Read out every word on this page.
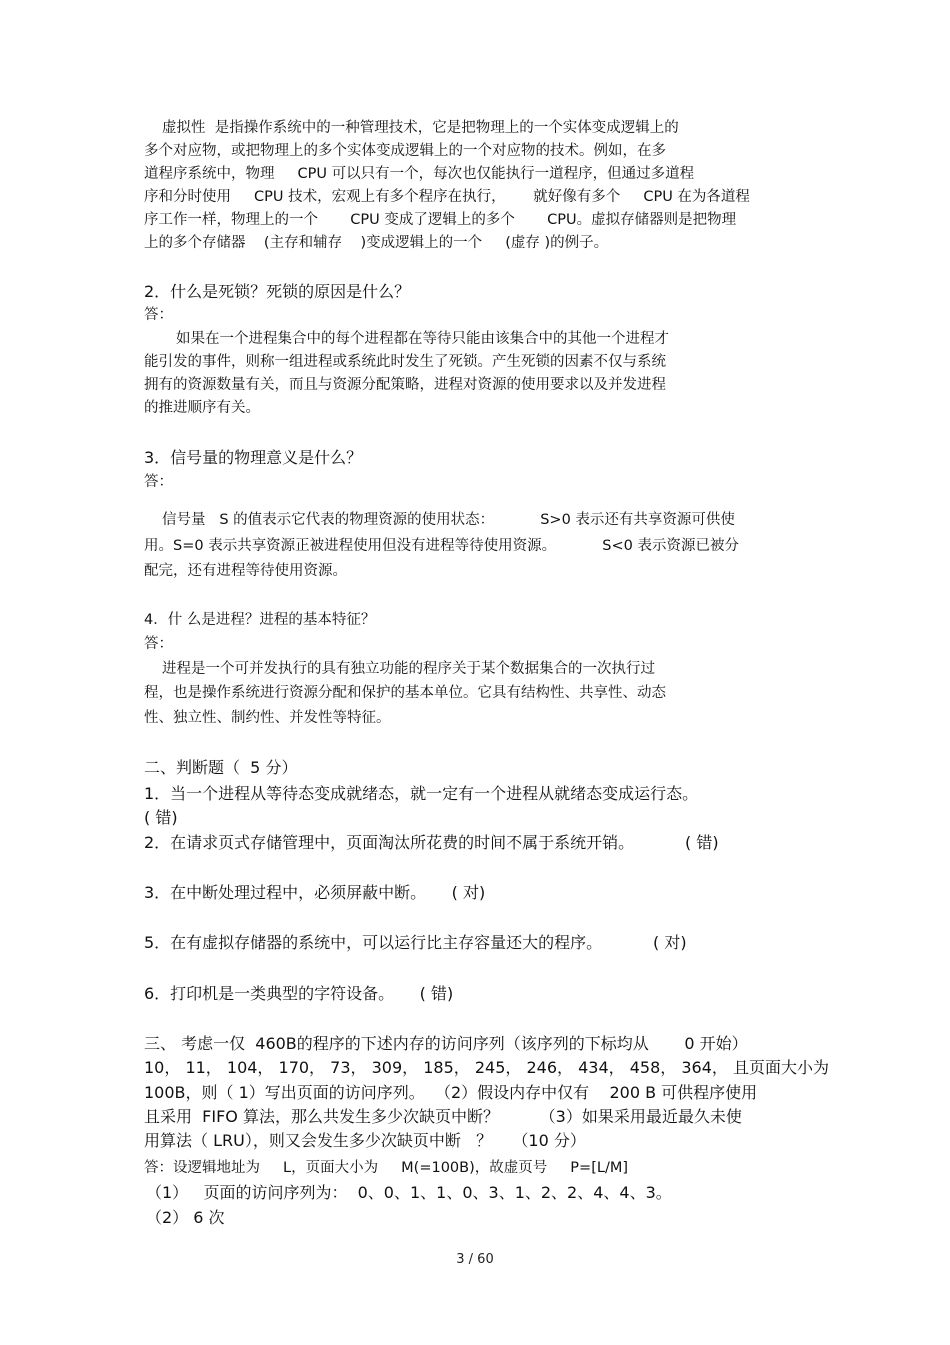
虚拟性  是指操作系统中的一种管理技术，它是把物理上的一个实体变成逻辑上的
多个对应物，或把物理上的多个实体变成逻辑上的一个对应物的技术。例如，在多
道程序系统中，物理     CPU 可以只有一个，每次也仅能执行一道程序，但通过多道程
序和分时使用     CPU 技术，宏观上有多个程序在执行，      就好像有多个     CPU 在为各道程
序工作一样，物理上的一个       CPU 变成了逻辑上的多个       CPU。虚拟存储器则是把物理
上的多个存储器    (主存和辅存    )变成逻辑上的一个     (虚存 )的例子。
2．什么是死锁？死锁的原因是什么？
答：
如果在一个进程集合中的每个进程都在等待只能由该集合中的其他一个进程才
能引发的事件，则称一组进程或系统此时发生了死锁。产生死锁的因素不仅与系统
拥有的资源数量有关，而且与资源分配策略，进程对资源的使用要求以及并发进程
的推进顺序有关。
3．信号量的物理意义是什么？
答：
信号量   S 的值表示它代表的物理资源的使用状态：          S>0 表示还有共享资源可供使
用。S=0 表示共享资源正被进程使用但没有进程等待使用资源。          S<0 表示资源已被分
配完，还有进程等待使用资源。
4．什 么是进程？进程的基本特征？
答：
进程是一个可并发执行的具有独立功能的程序关于某个数据集合的一次执行过
程，也是操作系统进行资源分配和保护的基本单位。它具有结构性、共享性、动态
性、独立性、制约性、并发性等特征。
二、判断题（  5 分）
1．当一个进程从等待态变成就绪态，就一定有一个进程从就绪态变成运行态。
( 错)
2．在请求页式存储管理中，页面淘汰所花费的时间不属于系统开销。          ( 错)
3．在中断处理过程中，必须屏蔽中断。     ( 对)
5．在有虚拟存储器的系统中，可以运行比主存容量还大的程序。          ( 对)
6．打印机是一类典型的字符设备。     ( 错)
三、 考虑一仅  460B的程序的下述内存的访问序列（该序列的下标均从       0 开始）
10， 11， 104， 170， 73， 309， 185， 245， 246， 434， 458， 364， 且页面大小为
100B，则（ 1）写出页面的访问序列。  （2）假设内存中仅有    200 B 可供程序使用
且采用  FIFO 算法，那么共发生多少次缺页中断？        （3）如果采用最近最久未使
用算法（ LRU），则又会发生多少次缺页中断   ？    （10 分）
答：设逻辑地址为     L，页面大小为     M(=100B)，故虚页号     P=[L/M]
（1）   页面的访问序列为：  0、0、1、1、0、3、1、2、2、4、4、3。
（2） 6 次
3 / 60
